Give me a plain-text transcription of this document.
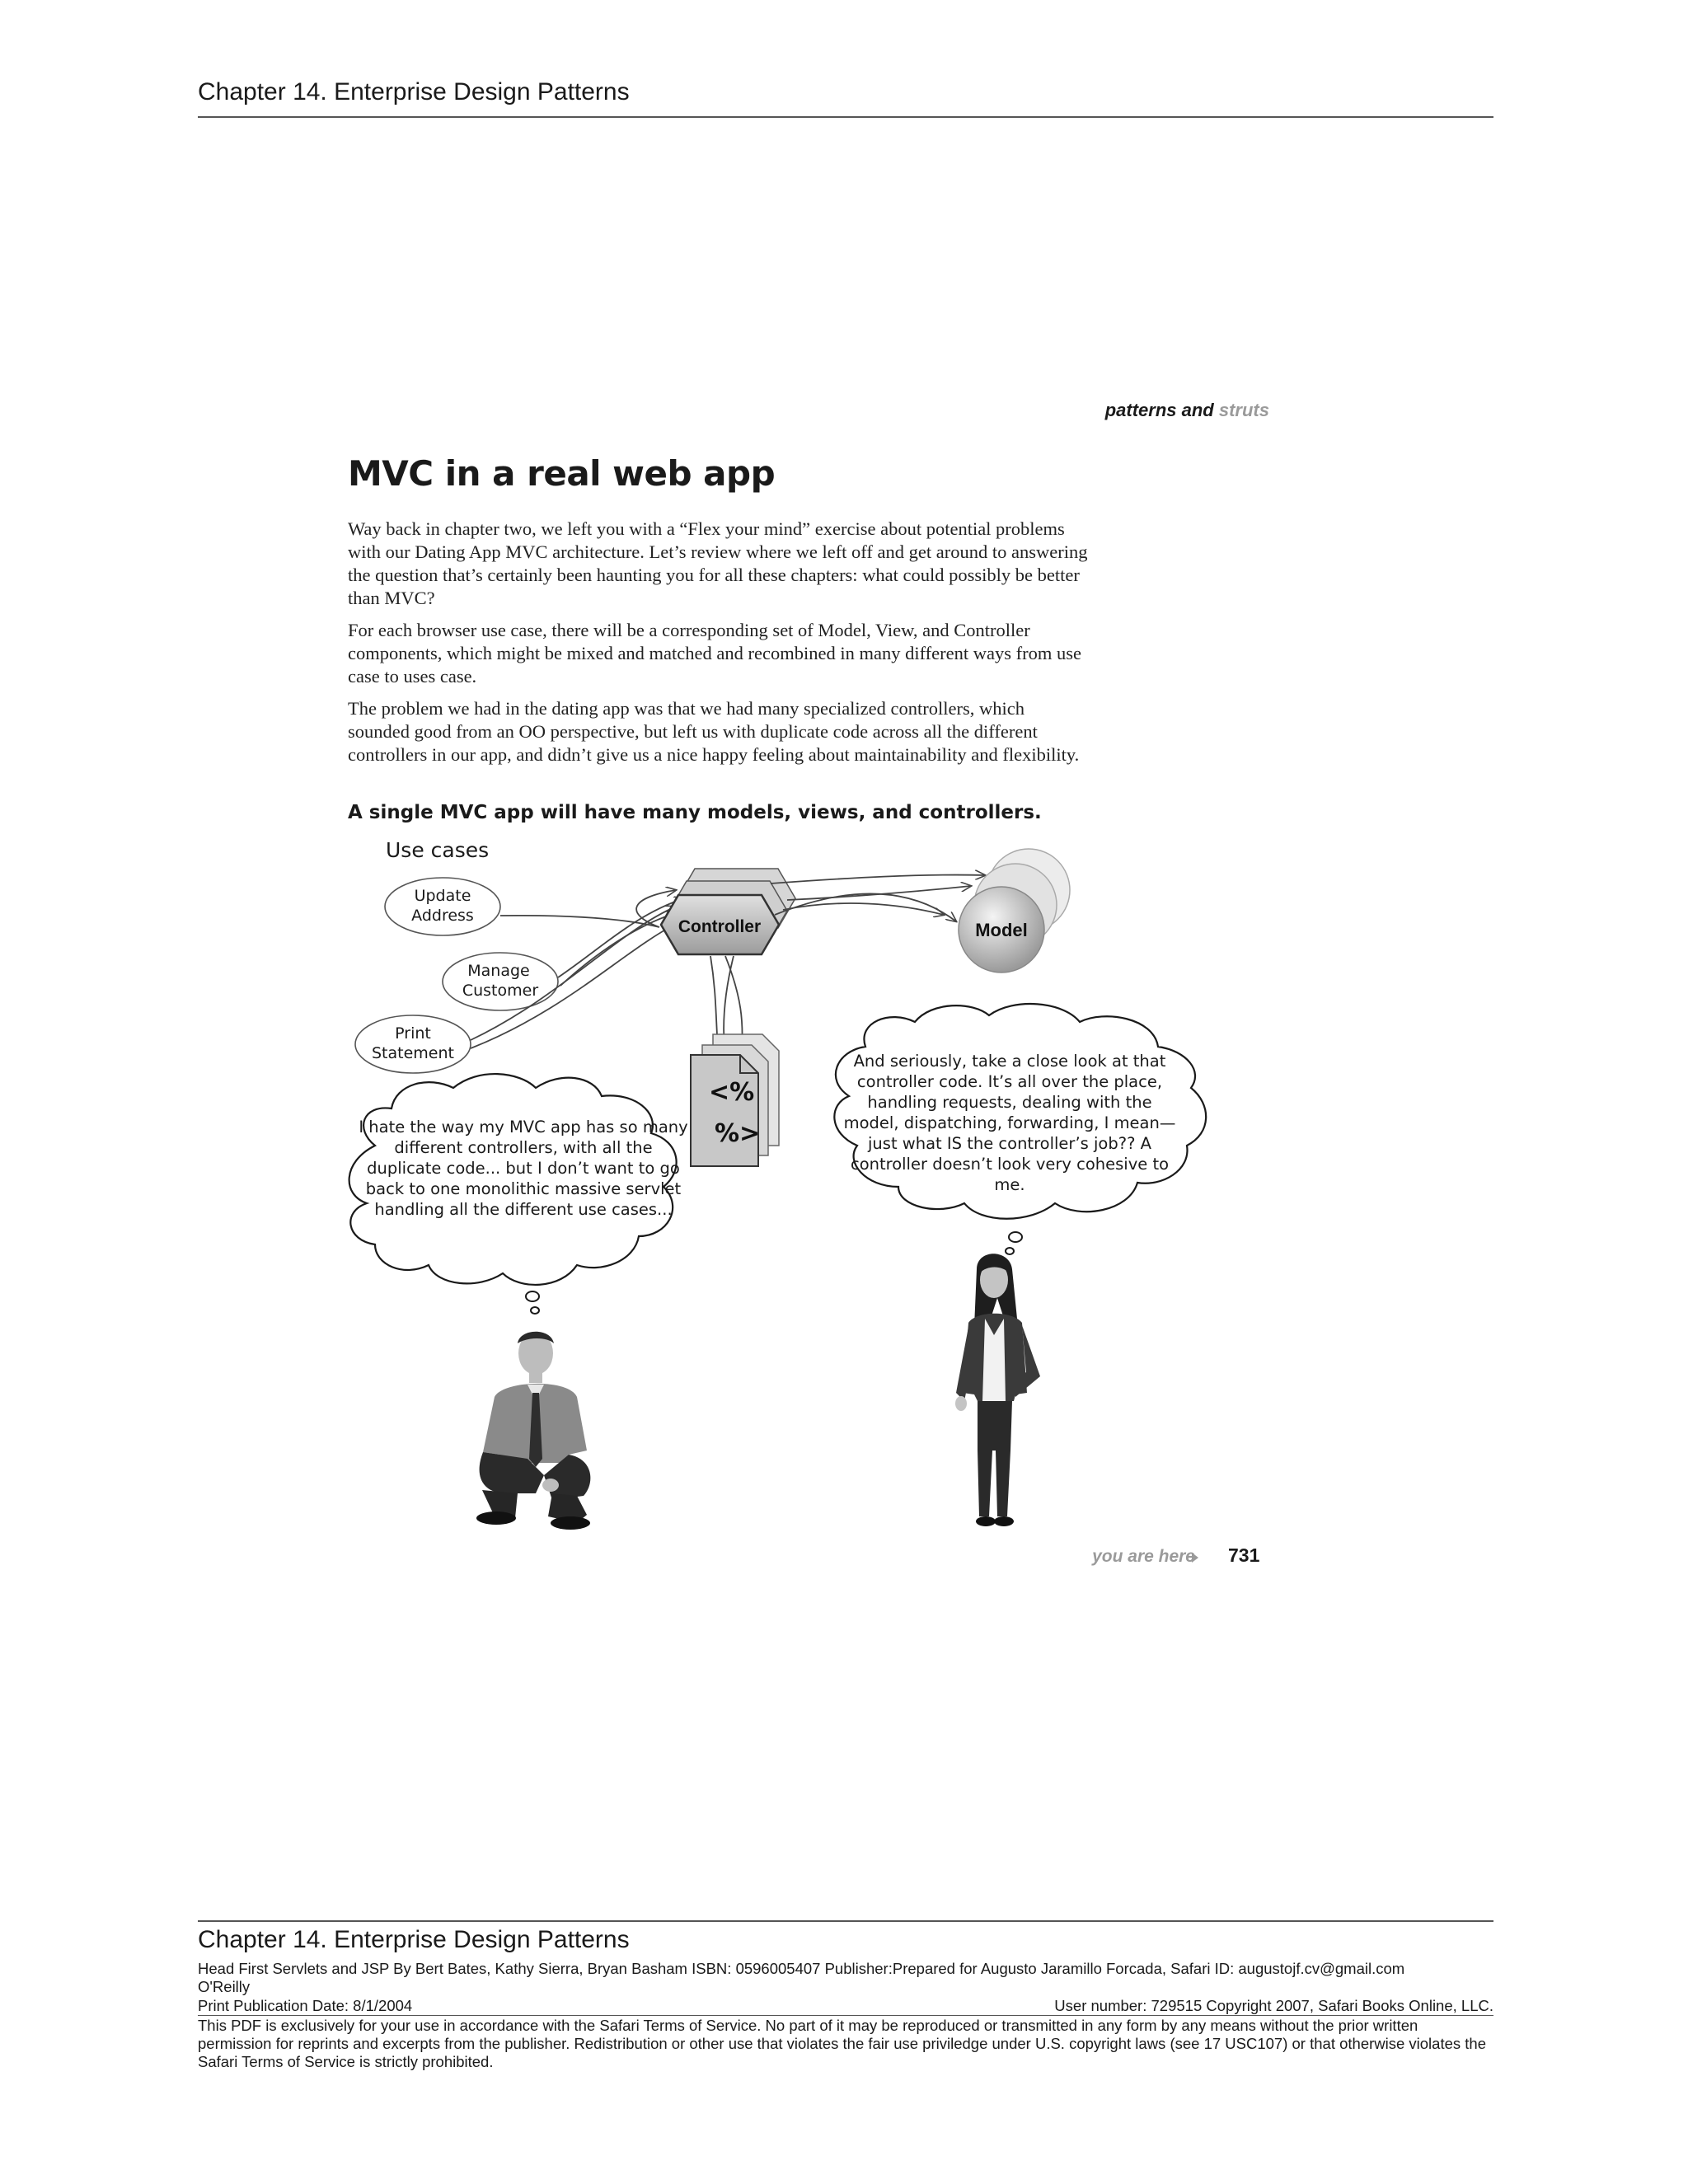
Chapter 14. Enterprise Design Patterns
patterns and struts
MVC in a real web app
Way back in chapter two, we left you with a “Flex your mind” exercise about potential problems with our Dating App MVC architecture. Let’s review where we left off and get around to answering the question that’s certainly been haunting you for all these chapters: what could possibly be better than MVC?
For each browser use case, there will be a corresponding set of Model, View, and Controller components, which might be mixed and matched and recombined in many different ways from use case to uses case.
The problem we had in the dating app was that we had many specialized controllers, which sounded good from an OO perspective, but left us with duplicate code across all the different controllers in our app, and didn’t give us a nice happy feeling about maintainability and flexibility.
A single MVC app will have many models, views, and controllers.
Use cases
Update
Address
Manage
Customer
Print
Statement
Controller	Model
<%
%>
I hate the way my MVC app has so many different controllers, with all the duplicate code... but I don’t want to go back to one monolithic massive servlet handling all the different use cases...
And seriously, take a close look at that controller code. It’s all over the place, handling requests, dealing with the model, dispatching, forwarding, I mean—just what IS the controller’s job?? A controller doesn’t look very cohesive to me.
you are here 731
Chapter 14. Enterprise Design Patterns
Head First Servlets and JSP By Bert Bates, Kathy Sierra, Bryan Basham ISBN: 0596005407 Publisher:Prepared for Augusto Jaramillo Forcada, Safari ID: augustojf.cv@gmail.com
O'Reilly
Print Publication Date: 8/1/2004	User number: 729515 Copyright 2007, Safari Books Online, LLC.
This PDF is exclusively for your use in accordance with the Safari Terms of Service. No part of it may be reproduced or transmitted in any form by any means without the prior written permission for reprints and excerpts from the publisher. Redistribution or other use that violates the fair use priviledge under U.S. copyright laws (see 17 USC107) or that otherwise violates the Safari Terms of Service is strictly prohibited.
